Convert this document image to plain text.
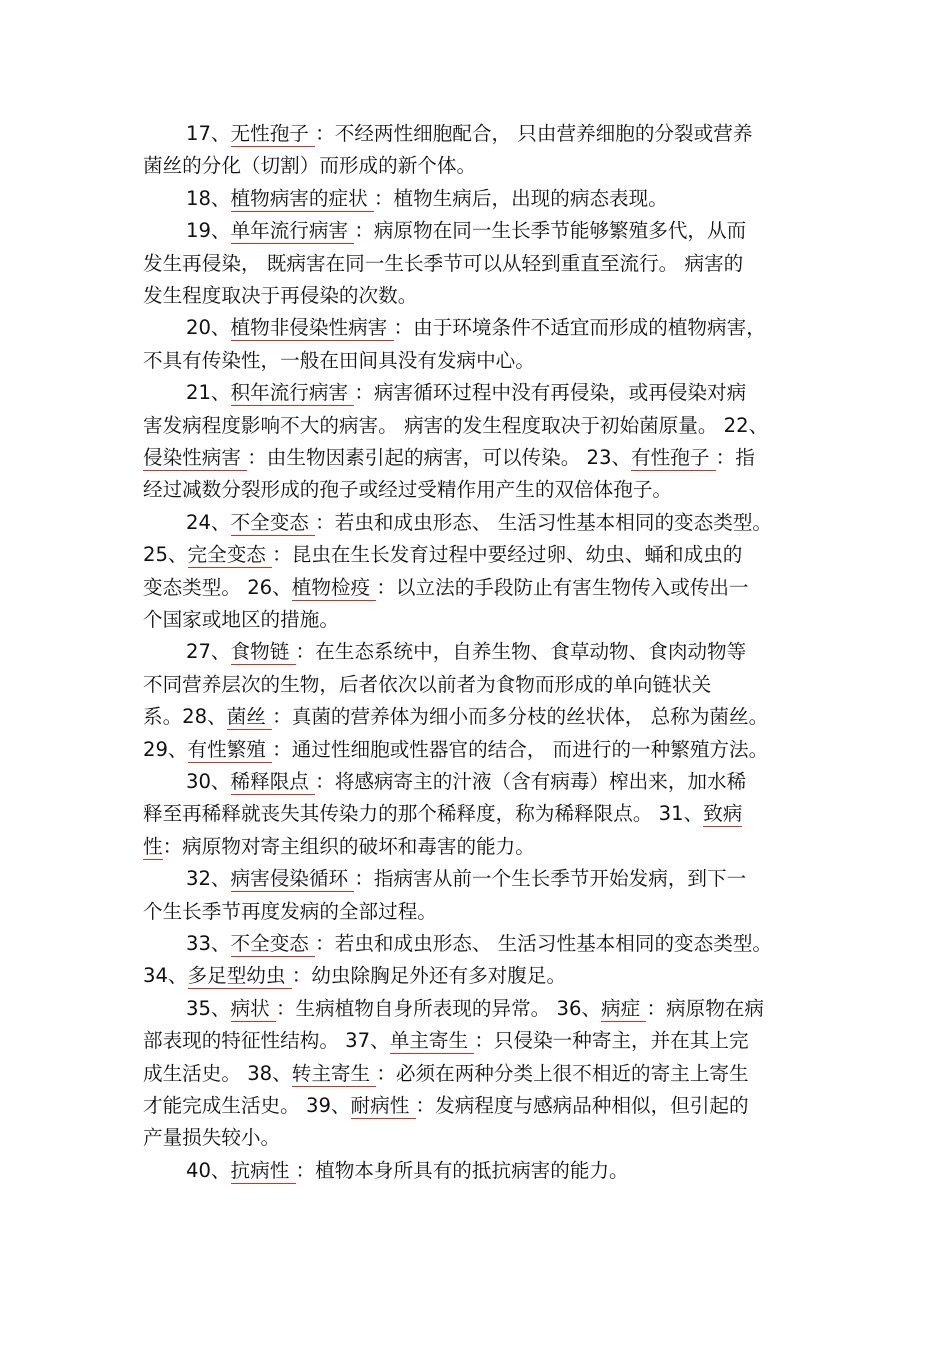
17、无性孢子 ：不经两性细胞配合， 只由营养细胞的分裂或营养
菌丝的分化（切割）而形成的新个体。
18、植物病害的症状 ：植物生病后，出现的病态表现。
19、单年流行病害 ：病原物在同一生长季节能够繁殖多代，从而
发生再侵染， 既病害在同一生长季节可以从轻到重直至流行。 病害的
发生程度取决于再侵染的次数。
20、植物非侵染性病害 ：由于环境条件不适宜而形成的植物病害，
不具有传染性，一般在田间具没有发病中心。
21、积年流行病害 ：病害循环过程中没有再侵染，或再侵染对病
害发病程度影响不大的病害。 病害的发生程度取决于初始菌原量。 22、
侵染性病害 ：由生物因素引起的病害，可以传染。 23、有性孢子 ：指
经过减数分裂形成的孢子或经过受精作用产生的双倍体孢子。
24、不全变态 ：若虫和成虫形态、 生活习性基本相同的变态类型。
25、完全变态 ：昆虫在生长发育过程中要经过卵、幼虫、蛹和成虫的
变态类型。 26、植物检疫 ：以立法的手段防止有害生物传入或传出一
个国家或地区的措施。
27、食物链 ：在生态系统中，自养生物、食草动物、食肉动物等
不同营养层次的生物，后者依次以前者为食物而形成的单向链状关
系。28、菌丝 ：真菌的营养体为细小而多分枝的丝状体， 总称为菌丝。
29、有性繁殖 ：通过性细胞或性器官的结合， 而进行的一种繁殖方法。
30、稀释限点 ：将感病寄主的汁液（含有病毒）榨出来，加水稀
释至再稀释就丧失其传染力的那个稀释度，称为稀释限点。 31、致病
性：病原物对寄主组织的破坏和毒害的能力。
32、病害侵染循环 ：指病害从前一个生长季节开始发病，到下一
个生长季节再度发病的全部过程。
33、不全变态 ：若虫和成虫形态、 生活习性基本相同的变态类型。
34、多足型幼虫 ：幼虫除胸足外还有多对腹足。
35、病状 ：生病植物自身所表现的异常。 36、病症 ：病原物在病
部表现的特征性结构。 37、单主寄生 ：只侵染一种寄主，并在其上完
成生活史。 38、转主寄生 ：必须在两种分类上很不相近的寄主上寄生
才能完成生活史。 39、耐病性 ：发病程度与感病品种相似，但引起的
产量损失较小。
40、抗病性 ：植物本身所具有的抵抗病害的能力。
